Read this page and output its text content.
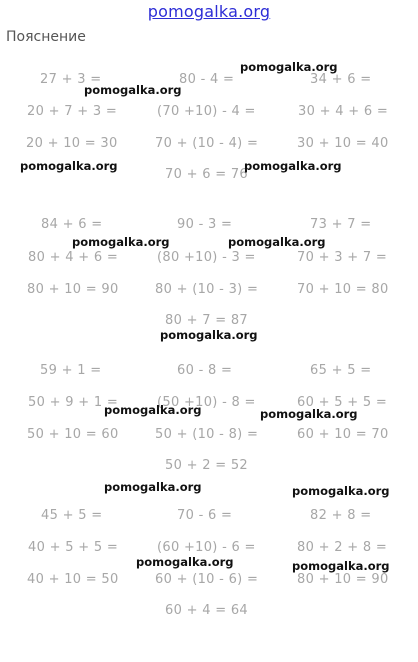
pomogalka.org
Пояснение
27 + 3 =	80 - 4 =	34 + 6 =
20 + 7 + 3 =	(70 +10) - 4 =	30 + 4 + 6 =
20 + 10 = 30	70 + (10 - 4) =	30 + 10 = 40
70 + 6 = 76
84 + 6 =	90 - 3 =	73 + 7 =
80 + 4 + 6 =	(80 +10) - 3 =	70 + 3 + 7 =
80 + 10 = 90	80 + (10 - 3) =	70 + 10 = 80
80 + 7 = 87
59 + 1 =	60 - 8 =	65 + 5 =
50 + 9 + 1 =	(50 +10) - 8 =	60 + 5 + 5 =
50 + 10 = 60	50 + (10 - 8) =	60 + 10 = 70
50 + 2 = 52
45 + 5 =	70 - 6 =	82 + 8 =
40 + 5 + 5 =	(60 +10) - 6 =	80 + 2 + 8 =
40 + 10 = 50	60 + (10 - 6) =	80 + 10 = 90
60 + 4 = 64
pomogalka.org
pomogalka.org
pomogalka.org	pomogalka.org
pomogalka.org	pomogalka.org
pomogalka.org
pomogalka.org	pomogalka.org
pomogalka.org	pomogalka.org
pomogalka.org	pomogalka.org
